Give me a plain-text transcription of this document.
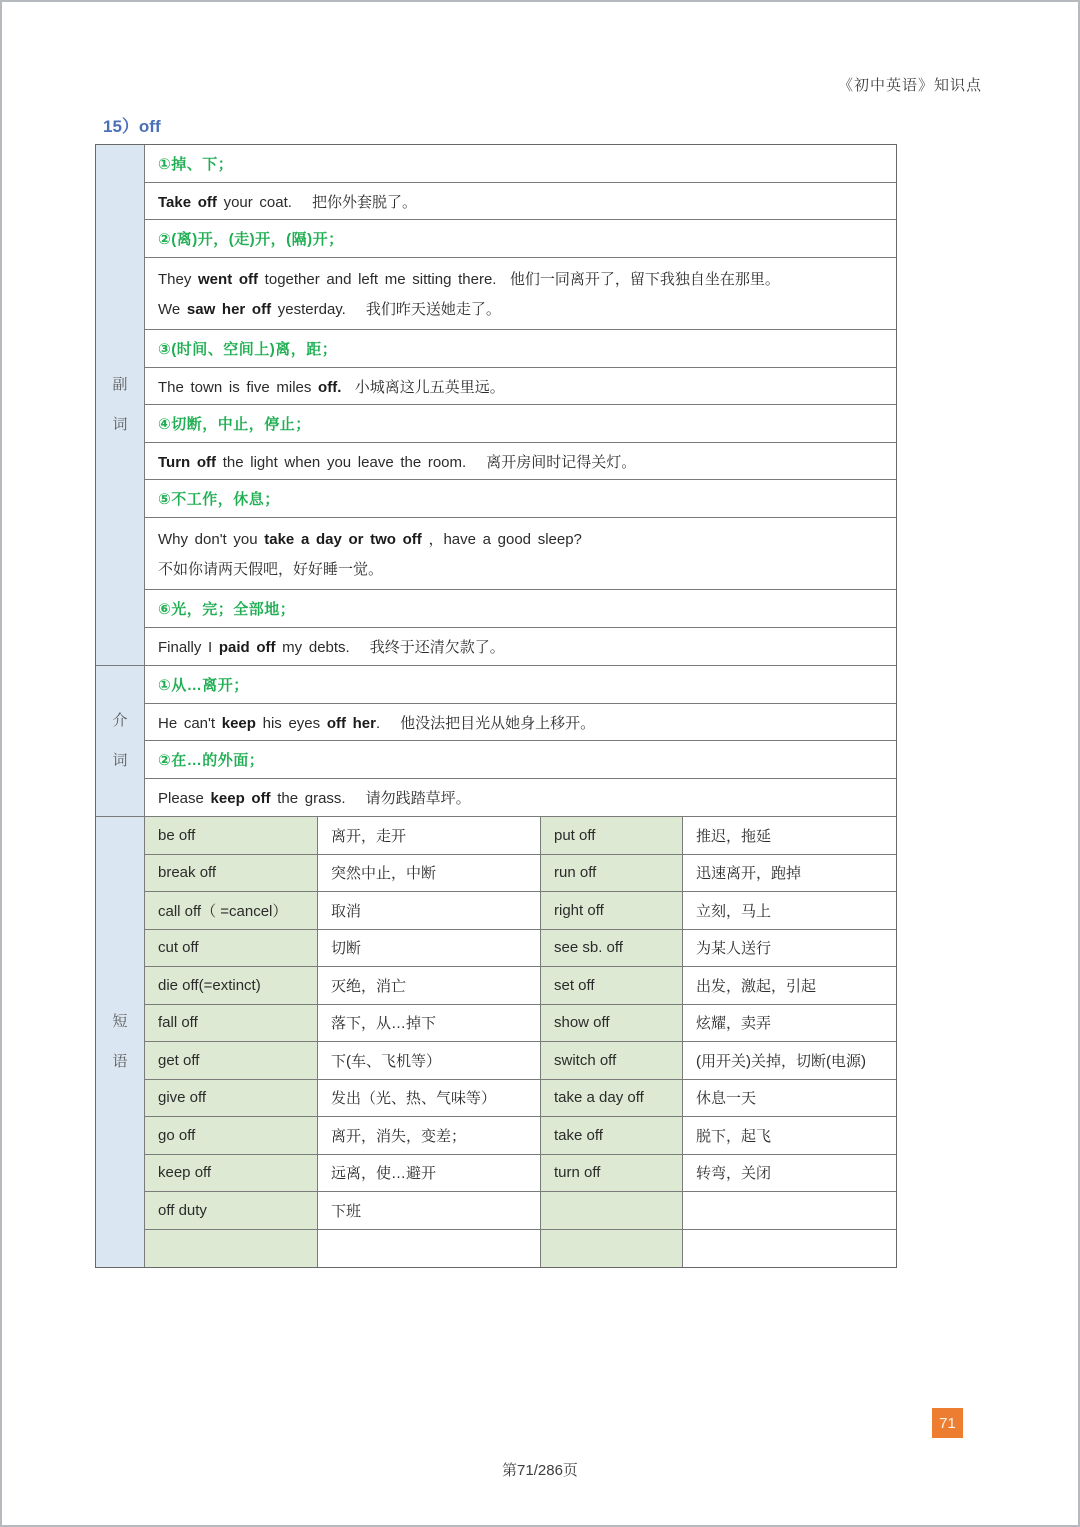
《初中英语》知识点
15）off
副
词
①掉、下；
Take off your coat.   把你外套脱了。
②(离)开，(走)开，(隔)开；
They went off together and left me sitting there.  他们一同离开了，留下我独自坐在那里。
We saw her off yesterday.   我们昨天送她走了。
③(时间、空间上)离，距；
The town is five miles off.  小城离这儿五英里远。
④切断，中止，停止；
Turn off the light when you leave the room.   离开房间时记得关灯。
⑤不工作，休息；
Why don't you take a day or two off ，have a good sleep?
不如你请两天假吧，好好睡一觉。
⑥光，完；全部地；
Finally I paid off my debts.   我终于还清欠款了。
介
词
①从…离开；
He can't keep his eyes off her.   他没法把目光从她身上移开。
②在…的外面；
Please keep off the grass.   请勿践踏草坪。
短
语
be off	离开，走开	put off	推迟，拖延
break off	突然中止，中断	run off	迅速离开，跑掉
call off（ =cancel）	取消	right off	立刻，马上
cut off	切断	see sb. off	为某人送行
die off(=extinct)	灭绝，消亡	set off	出发，激起，引起
fall off	落下，从…掉下	show off	炫耀，卖弄
get off	下(车、飞机等）	switch off	(用开关)关掉，切断(电源)
give off	发出（光、热、气味等）	take a day off	休息一天
go off	离开，消失，变差；	take off	脱下，起飞
keep off	远离，使…避开	turn off	转弯，关闭
off duty	下班
71
第71/286页
